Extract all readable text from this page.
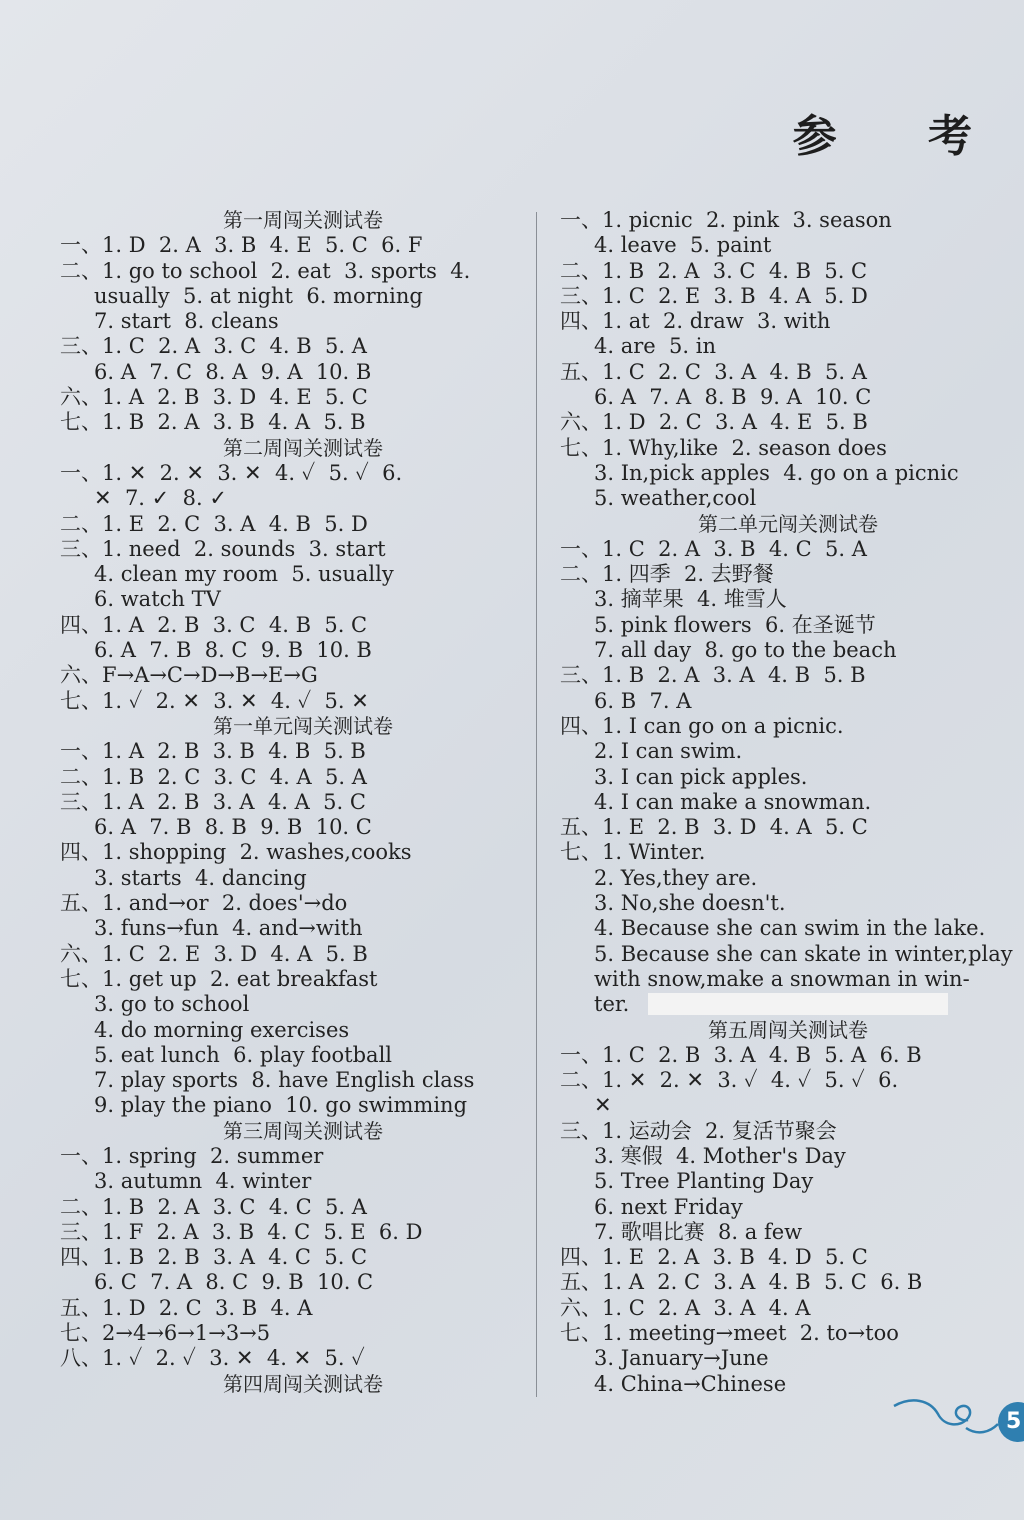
参 考
第一周闯关测试卷
一、1. D  2. A  3. B  4. E  5. C  6. F
二、1. go to school  2. eat  3. sports  4.
usually  5. at night  6. morning
7. start  8. cleans
三、1. C  2. A  3. C  4. B  5. A
6. A  7. C  8. A  9. A  10. B
六、1. A  2. B  3. D  4. E  5. C
七、1. B  2. A  3. B  4. A  5. B
第二周闯关测试卷
一、1. ✕  2. ✕  3. ✕  4. ✓  5. ✓  6.
✕  7. ✓  8. ✓
二、1. E  2. C  3. A  4. B  5. D
三、1. need  2. sounds  3. start
4. clean my room  5. usually
6. watch TV
四、1. A  2. B  3. C  4. B  5. C
6. A  7. B  8. C  9. B  10. B
六、F→A→C→D→B→E→G
七、1. ✓  2. ✕  3. ✕  4. ✓  5. ✕
第一单元闯关测试卷
一、1. A  2. B  3. B  4. B  5. B
二、1. B  2. C  3. C  4. A  5. A
三、1. A  2. B  3. A  4. A  5. C
6. A  7. B  8. B  9. B  10. C
四、1. shopping  2. washes,cooks
3. starts  4. dancing
五、1. and→or  2. does'→do
3. funs→fun  4. and→with
六、1. C  2. E  3. D  4. A  5. B
七、1. get up  2. eat breakfast
3. go to school
4. do morning exercises
5. eat lunch  6. play football
7. play sports  8. have English class
9. play the piano  10. go swimming
第三周闯关测试卷
一、1. spring  2. summer
3. autumn  4. winter
二、1. B  2. A  3. C  4. C  5. A
三、1. F  2. A  3. B  4. C  5. E  6. D
四、1. B  2. B  3. A  4. C  5. C
6. C  7. A  8. C  9. B  10. C
五、1. D  2. C  3. B  4. A
七、2→4→6→1→3→5
八、1. ✓  2. ✓  3. ✕  4. ✕  5. ✓
第四周闯关测试卷
一、1. picnic  2. pink  3. season
4. leave  5. paint
二、1. B  2. A  3. C  4. B  5. C
三、1. C  2. E  3. B  4. A  5. D
四、1. at  2. draw  3. with
4. are  5. in
五、1. C  2. C  3. A  4. B  5. A
6. A  7. A  8. B  9. A  10. C
六、1. D  2. C  3. A  4. E  5. B
七、1. Why,like  2. season does
3. In,pick apples  4. go on a picnic
5. weather,cool
第二单元闯关测试卷
一、1. C  2. A  3. B  4. C  5. A
二、1. 四季  2. 去野餐
3. 摘苹果  4. 堆雪人
5. pink flowers  6. 在圣诞节
7. all day  8. go to the beach
三、1. B  2. A  3. A  4. B  5. B
6. B  7. A
四、1. I can go on a picnic.
2. I can swim.
3. I can pick apples.
4. I can make a snowman.
五、1. E  2. B  3. D  4. A  5. C
七、1. Winter.
2. Yes,they are.
3. No,she doesn't.
4. Because she can swim in the lake.
5. Because she can skate in winter,play
with snow,make a snowman in win-
ter.
第五周闯关测试卷
一、1. C  2. B  3. A  4. B  5. A  6. B
二、1. ✕  2. ✕  3. ✓  4. ✓  5. ✓  6.
✕
三、1. 运动会  2. 复活节聚会
3. 寒假  4. Mother's Day
5. Tree Planting Day
6. next Friday
7. 歌唱比赛  8. a few
四、1. E  2. A  3. B  4. D  5. C
五、1. A  2. C  3. A  4. B  5. C  6. B
六、1. C  2. A  3. A  4. A
七、1. meeting→meet  2. to→too
3. January→June
4. China→Chinese
5
